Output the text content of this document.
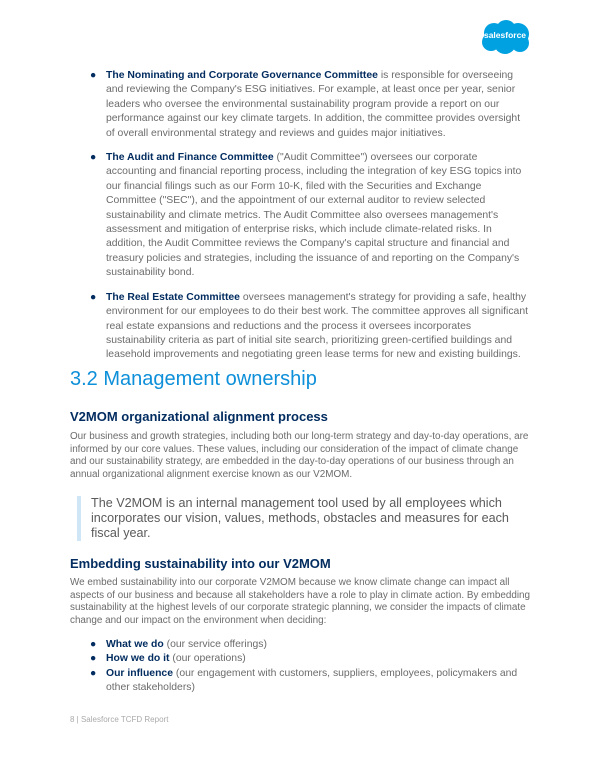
salesforce
● The Nominating and Corporate Governance Committee is responsible for overseeing and reviewing the Company's ESG initiatives. For example, at least once per year, senior leaders who oversee the environmental sustainability program provide a report on our performance against our key climate targets. In addition, the committee provides oversight of overall environmental strategy and reviews and guides major initiatives.
● The Audit and Finance Committee ("Audit Committee") oversees our corporate accounting and financial reporting process, including the integration of key ESG topics into our financial filings such as our Form 10-K, filed with the Securities and Exchange Committee ("SEC"), and the appointment of our external auditor to review selected sustainability and climate metrics. The Audit Committee also oversees management's assessment and mitigation of enterprise risks, which include climate-related risks. In addition, the Audit Committee reviews the Company's capital structure and financial and treasury policies and strategies, including the issuance of and reporting on the Company's sustainability bond.
● The Real Estate Committee oversees management's strategy for providing a safe, healthy environment for our employees to do their best work. The committee approves all significant real estate expansions and reductions and the process it oversees incorporates sustainability criteria as part of initial site search, prioritizing green-certified buildings and leasehold improvements and negotiating green lease terms for new and existing buildings.
3.2 Management ownership
V2MOM organizational alignment process
Our business and growth strategies, including both our long-term strategy and day-to-day operations, are informed by our core values. These values, including our consideration of the impact of climate change and our sustainability strategy, are embedded in the day-to-day operations of our business through an annual organizational alignment exercise known as our V2MOM.
The V2MOM is an internal management tool used by all employees which incorporates our vision, values, methods, obstacles and measures for each fiscal year.
Embedding sustainability into our V2MOM
We embed sustainability into our corporate V2MOM because we know climate change can impact all aspects of our business and because all stakeholders have a role to play in climate action. By embedding sustainability at the highest levels of our corporate strategic planning, we consider the impacts of climate change and our impact on the environment when deciding:
● What we do (our service offerings)
● How we do it (our operations)
● Our influence (our engagement with customers, suppliers, employees, policymakers and other stakeholders)
8 | Salesforce TCFD Report
